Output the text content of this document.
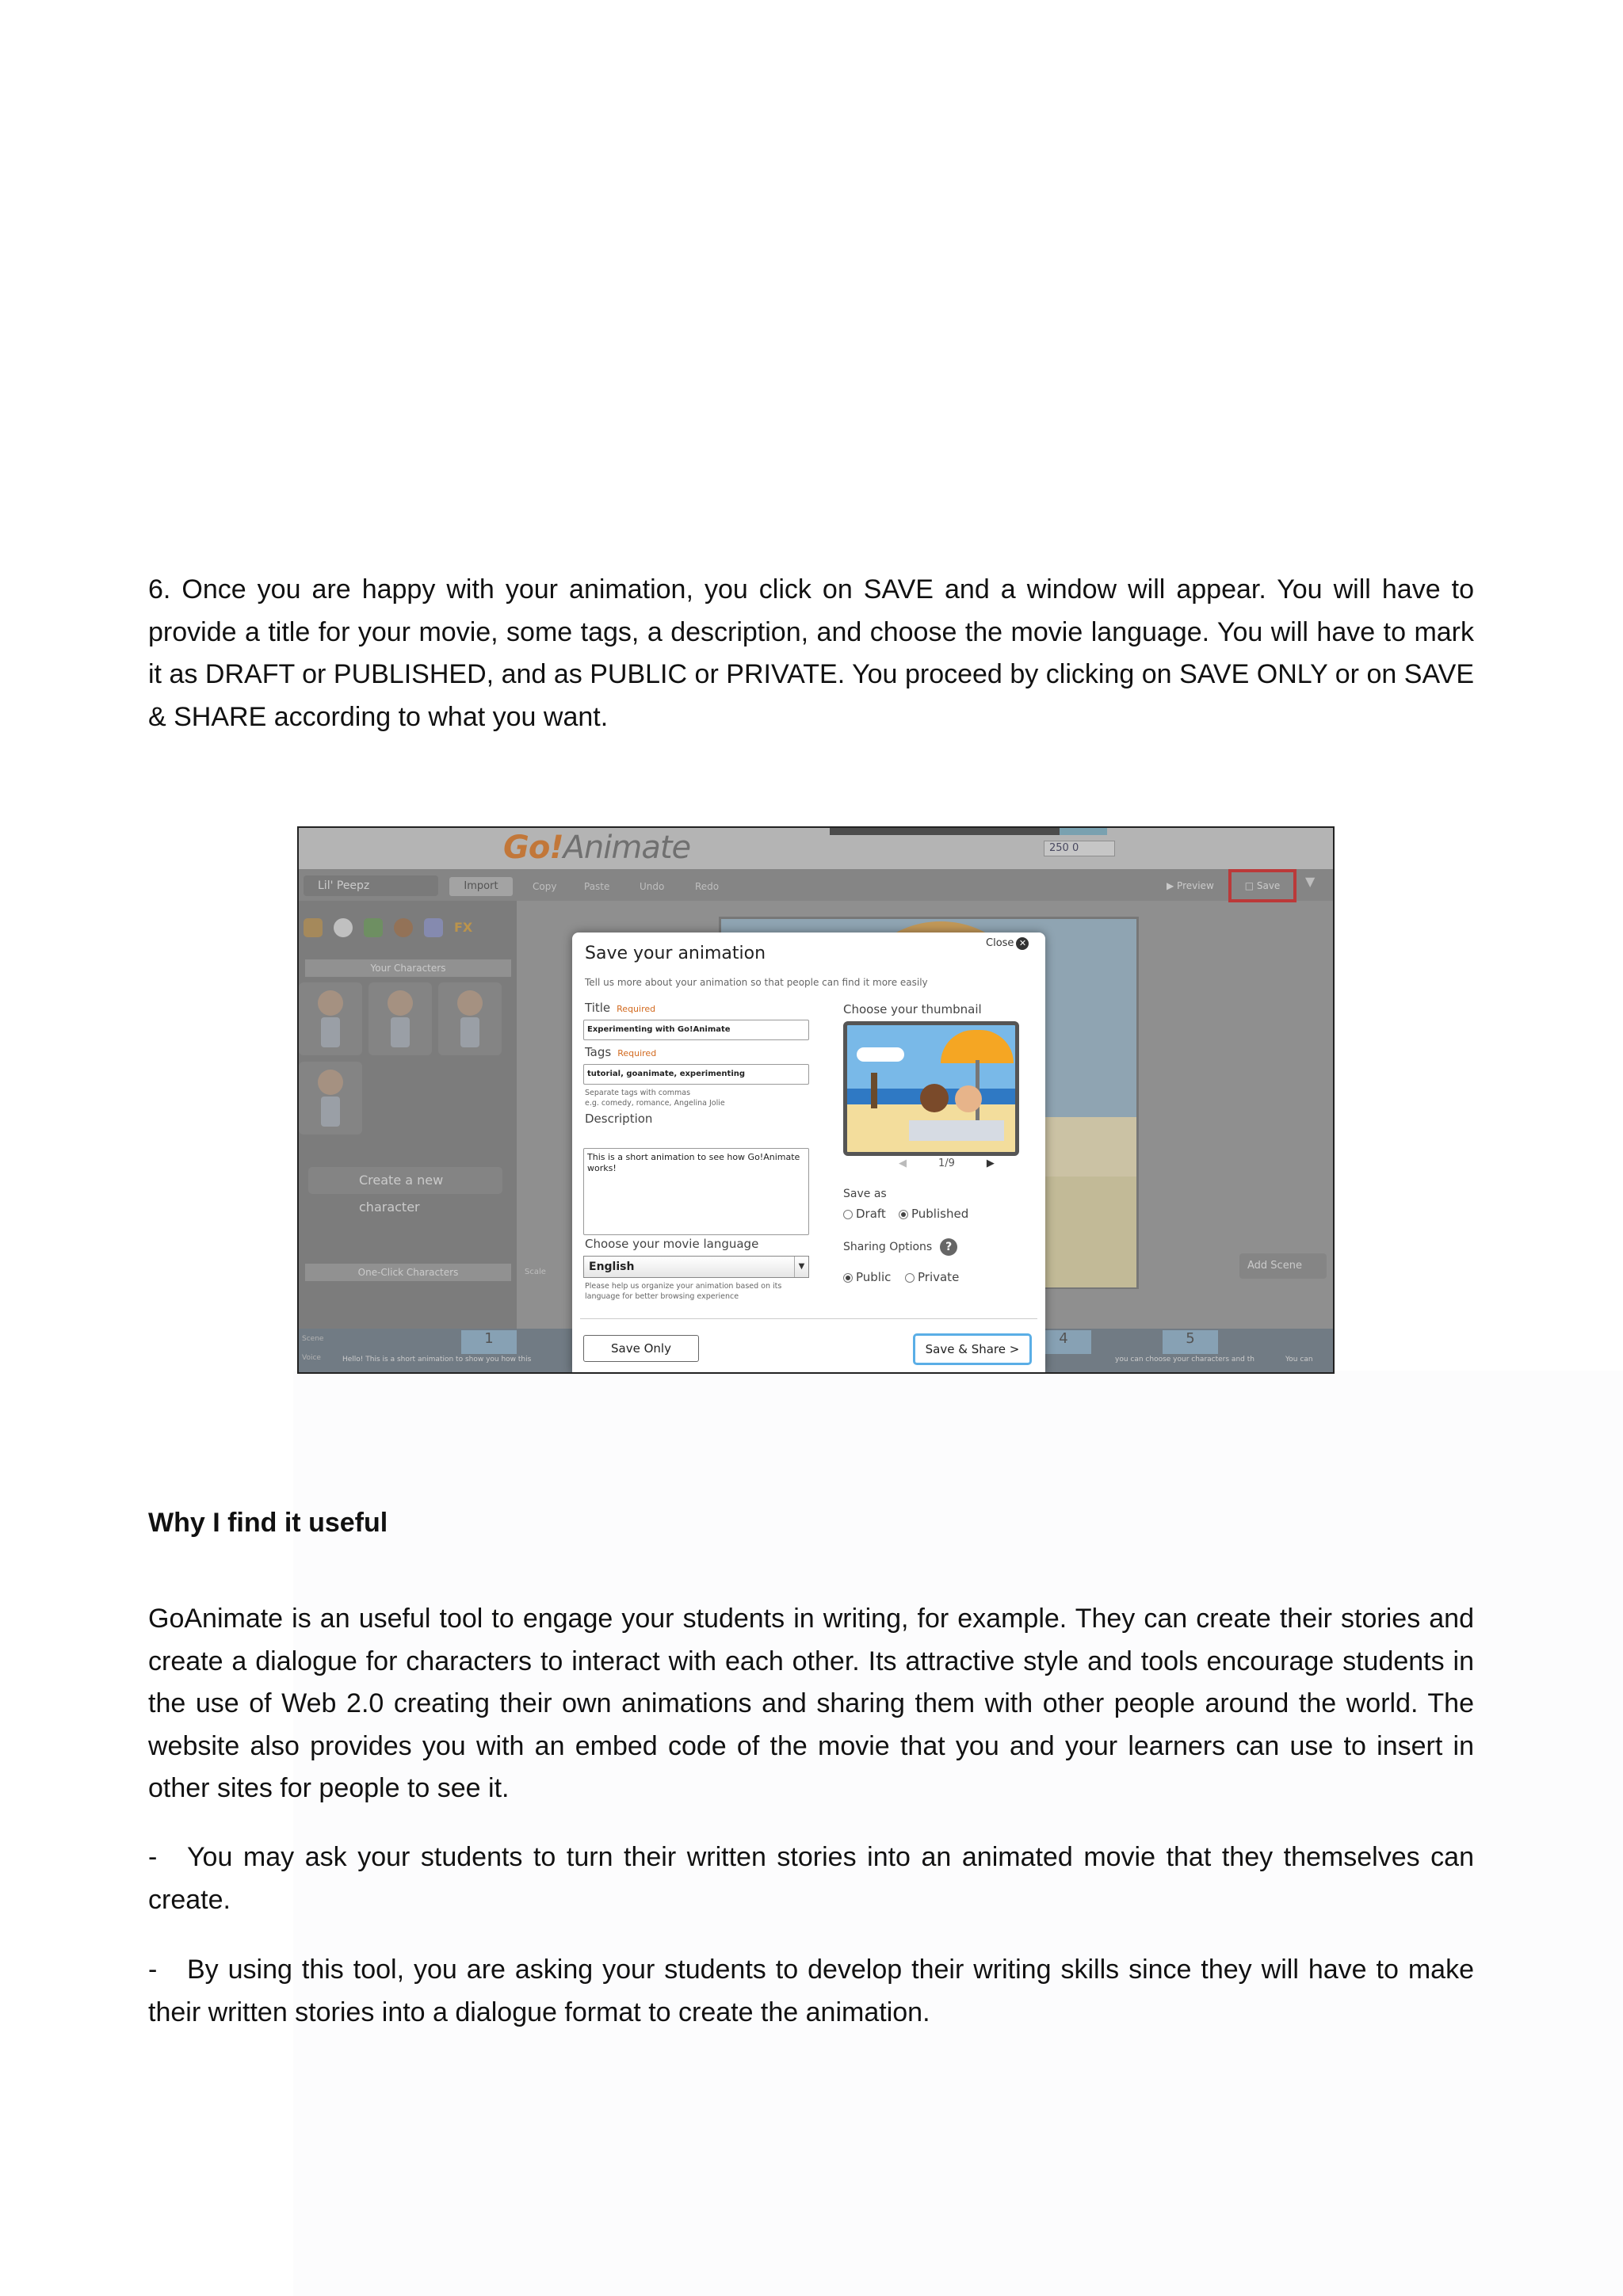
6. Once you are happy with your animation, you click on SAVE and a window will appear. You will have to provide a title for your movie, some tags, a description, and choose the movie language. You will have to mark it as DRAFT or PUBLISHED, and as PUBLIC or PRIVATE. You proceed by clicking on SAVE ONLY or on SAVE & SHARE according to what you want.

Go!Animate	250 0
Lil' Peepz	Import	Copy	Paste	Undo	Redo	▶ Preview	□ Save	▼
FX
Your Characters
Create a new character
One-Click Characters	Scale
Add Scene
Scene
Voice	Hello! This is a short animation to show you how this	you can choose your characters and th	You can
1	4	5
Save your animation
Close ✕
Tell us more about your animation so that people can find it more easily
Title Required
Experimenting with Go!Animate
Tags Required
tutorial, goanimate, experimenting
Separate tags with commas
e.g. comedy, romance, Angelina Jolie
Description
This is a short animation to see how Go!Animate works!
Choose your movie language
English	▼
Please help us organize your animation based on its language for better browsing experience
Choose your thumbnail
◀	1/9	▶
Save as
Draft	Published
Sharing Options ?
Public	Private
Save Only	Save & Share >
Why I find it useful

GoAnimate is an useful tool to engage your students in writing, for example. They can create their stories and create a dialogue for characters to interact with each other. Its attractive style and tools encourage students in the use of Web 2.0 creating their own animations and sharing them with other people around the world. The website also provides you with an embed code of the movie that you and your learners can use to insert in other sites for people to see it.

- You may ask your students to turn their written stories into an animated movie that they themselves can create.

- By using this tool, you are asking your students to develop their writing skills since they will have to make their written stories into a dialogue format to create the animation.
